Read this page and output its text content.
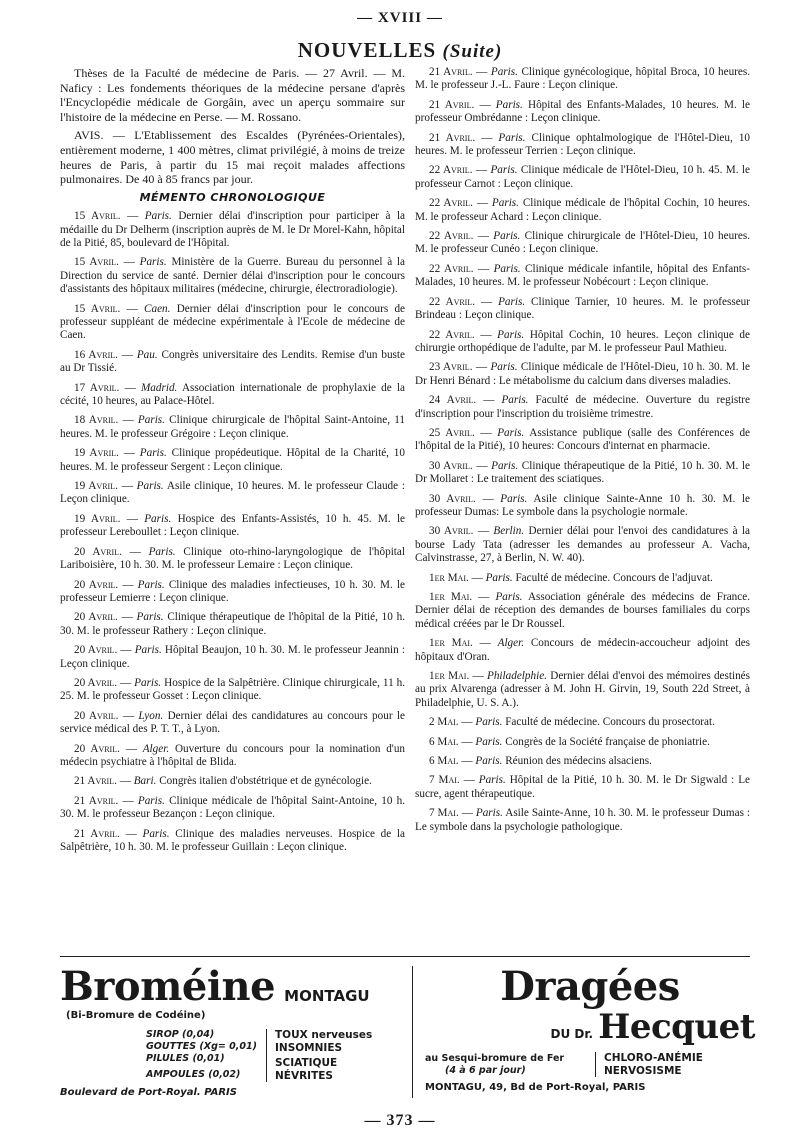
— XVIII —
NOUVELLES (Suite)

Thèses de la Faculté de médecine de Paris. — 27 Avril. — M. Naficy : Les fondements théoriques de la médecine persane d'après l'Encyclopédie médicale de Gorgâin, avec un aperçu sommaire sur l'histoire de la médecine en Perse. — M. Rossano.

AVIS. — L'Etablissement des Escaldes (Pyrénées-Orientales), entièrement moderne, 1 400 mètres, climat privilégié, à moins de treize heures de Paris, à partir du 15 mai reçoit malades affections pulmonaires. De 40 à 85 francs par jour.

MÉMENTO CHRONOLOGIQUE

15 Avril. — Paris. Dernier délai d'inscription pour participer à la médaille du Dr Delherm (inscription auprès de M. le Dr Morel-Kahn, hôpital de la Pitié, 85, boulevard de l'Hôpital.

15 Avril. — Paris. Ministère de la Guerre. Bureau du personnel à la Direction du service de santé. Dernier délai d'inscription pour le concours d'assistants des hôpitaux militaires (médecine, chirurgie, électroradiologie).

15 Avril. — Caen. Dernier délai d'inscription pour le concours de professeur suppléant de médecine expérimentale à l'Ecole de médecine de Caen.

16 Avril. — Pau. Congrès universitaire des Lendits. Remise d'un buste au Dr Tissié.

17 Avril. — Madrid. Association internationale de prophylaxie de la cécité, 10 heures, au Palace-Hôtel.

18 Avril. — Paris. Clinique chirurgicale de l'hôpital Saint-Antoine, 11 heures. M. le professeur Grégoire : Leçon clinique.

19 Avril. — Paris. Clinique propédeutique. Hôpital de la Charité, 10 heures. M. le professeur Sergent : Leçon clinique.

19 Avril. — Paris. Asile clinique, 10 heures. M. le professeur Claude : Leçon clinique.

19 Avril. — Paris. Hospice des Enfants-Assistés, 10 h. 45. M. le professeur Lereboullet : Leçon clinique.

20 Avril. — Paris. Clinique oto-rhino-laryngologique de l'hôpital Lariboisière, 10 h. 30. M. le professeur Lemaire : Leçon clinique.

20 Avril. — Paris. Clinique des maladies infectieuses, 10 h. 30. M. le professeur Lemierre : Leçon clinique.

20 Avril. — Paris. Clinique thérapeutique de l'hôpital de la Pitié, 10 h. 30. M. le professeur Rathery : Leçon clinique.

20 Avril. — Paris. Hôpital Beaujon, 10 h. 30. M. le professeur Jeannin : Leçon clinique.

20 Avril. — Paris. Hospice de la Salpêtrière. Clinique chirurgicale, 11 h. 25. M. le professeur Gosset : Leçon clinique.

20 Avril. — Lyon. Dernier délai des candidatures au concours pour le service médical des P. T. T., à Lyon.

20 Avril. — Alger. Ouverture du concours pour la nomination d'un médecin psychiatre à l'hôpital de Blida.

21 Avril. — Bari. Congrès italien d'obstétrique et de gynécologie.

21 Avril. — Paris. Clinique médicale de l'hôpital Saint-Antoine, 10 h. 30. M. le professeur Bezançon : Leçon clinique.

21 Avril. — Paris. Clinique des maladies nerveuses. Hospice de la Salpêtrière, 10 h. 30. M. le professeur Guillain : Leçon clinique.

21 Avril. — Paris. Clinique gynécologique, hôpital Broca, 10 heures. M. le professeur J.-L. Faure : Leçon clinique.

21 Avril. — Paris. Hôpital des Enfants-Malades, 10 heures. M. le professeur Ombrédanne : Leçon clinique.

21 Avril. — Paris. Clinique ophtalmologique de l'Hôtel-Dieu, 10 heures. M. le professeur Terrien : Leçon clinique.

22 Avril. — Paris. Clinique médicale de l'Hôtel-Dieu, 10 h. 45. M. le professeur Carnot : Leçon clinique.

22 Avril. — Paris. Clinique médicale de l'hôpital Cochin, 10 heures. M. le professeur Achard : Leçon clinique.

22 Avril. — Paris. Clinique chirurgicale de l'Hôtel-Dieu, 10 heures. M. le professeur Cunéo : Leçon clinique.

22 Avril. — Paris. Clinique médicale infantile, hôpital des Enfants-Malades, 10 heures. M. le professeur Nobécourt : Leçon clinique.

22 Avril. — Paris. Clinique Tarnier, 10 heures. M. le professeur Brindeau : Leçon clinique.

22 Avril. — Paris. Hôpital Cochin, 10 heures. Leçon clinique de chirurgie orthopédique de l'adulte, par M. le professeur Paul Mathieu.

23 Avril. — Paris. Clinique médicale de l'Hôtel-Dieu, 10 h. 30. M. le Dr Henri Bénard : Le métabolisme du calcium dans diverses maladies.

24 Avril. — Paris. Faculté de médecine. Ouverture du registre d'inscription pour l'inscription du troisième trimestre.

25 Avril. — Paris. Assistance publique (salle des Conférences de l'hôpital de la Pitié), 10 heures: Concours d'internat en pharmacie.

30 Avril. — Paris. Clinique thérapeutique de la Pitié, 10 h. 30. M. le Dr Mollaret : Le traitement des sciatiques.

30 Avril. — Paris. Asile clinique Sainte-Anne 10 h. 30. M. le professeur Dumas: Le symbole dans la psychologie normale.

30 Avril. — Berlin. Dernier délai pour l'envoi des candidatures à la bourse Lady Tata (adresser les demandes au professeur A. Vacha, Calvinstrasse, 27, à Berlin, N. W. 40).

1er Mai. — Paris. Faculté de médecine. Concours de l'adjuvat.

1er Mai. — Paris. Association générale des médecins de France. Dernier délai de réception des demandes de bourses familiales du corps médical créées par le Dr Roussel.

1er Mai. — Alger. Concours de médecin-accoucheur adjoint des hôpitaux d'Oran.

1er Mai. — Philadelphie. Dernier délai d'envoi des mémoires destinés au prix Alvarenga (adresser à M. John H. Girvin, 19, South 22d Street, à Philadelphie, U. S. A.).

2 Mai. — Paris. Faculté de médecine. Concours du prosectorat.

6 Mai. — Paris. Congrès de la Société française de phoniatrie.

6 Mai. — Paris. Réunion des médecins alsaciens.

7 Mai. — Paris. Hôpital de la Pitié, 10 h. 30. M. le Dr Sigwald : Le sucre, agent thérapeutique.

7 Mai. — Paris. Asile Sainte-Anne, 10 h. 30. M. le professeur Dumas : Le symbole dans la psychologie pathologique.

Broméine MONTAGU
(Bi-Bromure de Codéine)
SIROP (0,04)
GOUTTES (Xg= 0,01)
PILULES (0,01)
AMPOULES (0,02)
TOUX nerveuses
INSOMNIES
SCIATIQUE
NÉVRITES
Boulevard de Port-Royal. PARIS
Dragées
DU Dr. Hecquet
au Sesqui-bromure de Fer
(4 à 6 par jour)
CHLORO-ANÉMIE
NERVOSISME
MONTAGU, 49, Bd de Port-Royal, PARIS
— 373 —
